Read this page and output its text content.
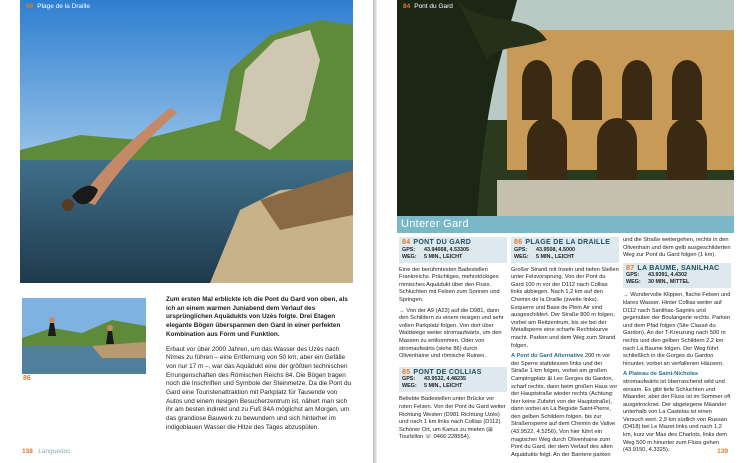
86 Plage de la Draille
86

Zum ersten Mal erblickte ich die Pont du Gard von oben, als ich an einem warmen Juniabend dem Verlauf des ursprünglichen Aquädukts von Uzès folgte. Drei Etagen elegante Bögen überspannen den Gard in einer perfekten Kombination aus Form und Funktion.

Erbaut vor über 2000 Jahren, um das Wasser des Uzès nach Nîmes zu führen – eine Entfernung von 50 km, aber ein Gefälle von nur 17 m –, war das Aquädukt eine der größten technischen Errungenschaften des Römischen Reichs 84. Die Bögen tragen noch die Inschriften und Symbole der Steinmetze. Da die Pont du Gard eine Touristenattraktion mit Parkplatz für Tausende von Autos und einem riesigen Besucherzentrum ist, nähert man sich ihr am besten indirekt und zu Fuß 84A möglichst am Morgen, um das grandiose Bauwerk zu bewundern und sich hinterher im indigoblauen Wasser die Hitze des Tages abzuspülen.

138 Languedoc
84 Pont du Gard
Unterer Gard
84 PONT DU GARD
GPS:	43.94668, 4.53305
WEG:	5 MIN., LEICHT

Eine der berühmtesten Badestellen Frankreichs. Prächtiges, mehrstöckiges römisches Aquädukt über den Fluss. Schluchten mit Felsen zum Sonnen und Springen.

→ Von der A9 (A23) auf die D981, dann den Schildern zu einem riesigen und sehr vollen Parkplatz folgen. Von dort über Waldwege weiter stromaufwärts, um den Massen zu entkommen. Oder von stromaufwärts (siehe 86) durch Olivenhaine und römische Ruinen.

85 PONT DE COLLIAS
GPS:	43.9532, 4.48235
WEG:	5 MIN., LEICHT

Beliebte Badestellen unter Brücke vor roten Felsen. Von der Pont du Gard weiter Richtung Westen (D981 Richtung Uzès) und nach 1 km links nach Collias (D112). Schöner Ort, um Kanus zu mieten (⊞ Tourbillon ☏ 0466 228554).

86 PLAGE DE LA DRAILLE
GPS:	43.9508, 4.5000
WEG:	5 MIN., LEICHT

Großer Strand mit Inseln und tiefen Stellen unter Felsvorsprung. Von der Pont du Gard 100 m vor der D112 nach Collias links abbiegen. Nach 1,2 km auf den Chemin de la Draille (zweite links). Esquerre und Base de Plein Air sind ausgeschildert. Der Straße 800 m folgen, vorbei am Reitzentrum, bis sie bei der Metallsperre eine scharfe Rechtskurve macht. Parken und dem Weg zum Strand folgen.

A Pont du Gard Alternative 200 m vor der Sperre stattdessen links und der Straße 1 km folgen, vorbei am großen Campingplatz ⊞ Les Gorges du Gardon, scharf rechts, dann beim großen Haus vor der Hauptstraße wieder rechts (Achtung: hier keine Zufahrt von der Hauptstraße), dann vorbei an La Begude Saint-Pierre, den gelben Schildern folgen, bis zur Straßensperre auf dem Chemin de Valive (43.9522, 4.5256). Von hier führt ein magischer Weg durch Olivenhaine zum Pont du Gard, der dem Verlauf des alten Aquädukts folgt. An der Barriere parken

und die Straße weitergehen, rechts in den Olivenhain und dem gelb ausgeschilderten Weg zur Pont du Gard folgen (1 km).

87 LA BAUME, SANILHAC
GPS:	43.9391, 4.4302
WEG:	30 MIN., MITTEL

→ Wundervolle Klippen, flache Felsen und klares Wasser. Hinter Collias weiter auf D112 nach Sanilhac-Sagriès und gegenüber der Boulangerie rechts. Parken und dem Pfad folgen (Site Classé du Gardon). An der T-Kreuzung nach 500 m rechts und den gelben Schildern 2,2 km nach La Baume folgen. Der Weg führt schließlich in die Gorges du Gardon hinunter, vorbei an verfallenen Häusern.

A Plateau de Saint-Nicholas stromaufwärts ist überraschend wild und einsam. Es gibt tiefe Schluchten und Mäander, aber der Fluss ist im Sommer oft ausgetrocknet. Der abgelegene Mäander unterhalb von La Castelas ist einen Versuch wert. 2,9 km südlich von Russan (D418) bei Le Mazet links und nach 1,2 km, kurz vor Mas des Charlots, links dem Weg 500 m hinunter zum Fluss gehen (43.9150, 4.3325).	139
